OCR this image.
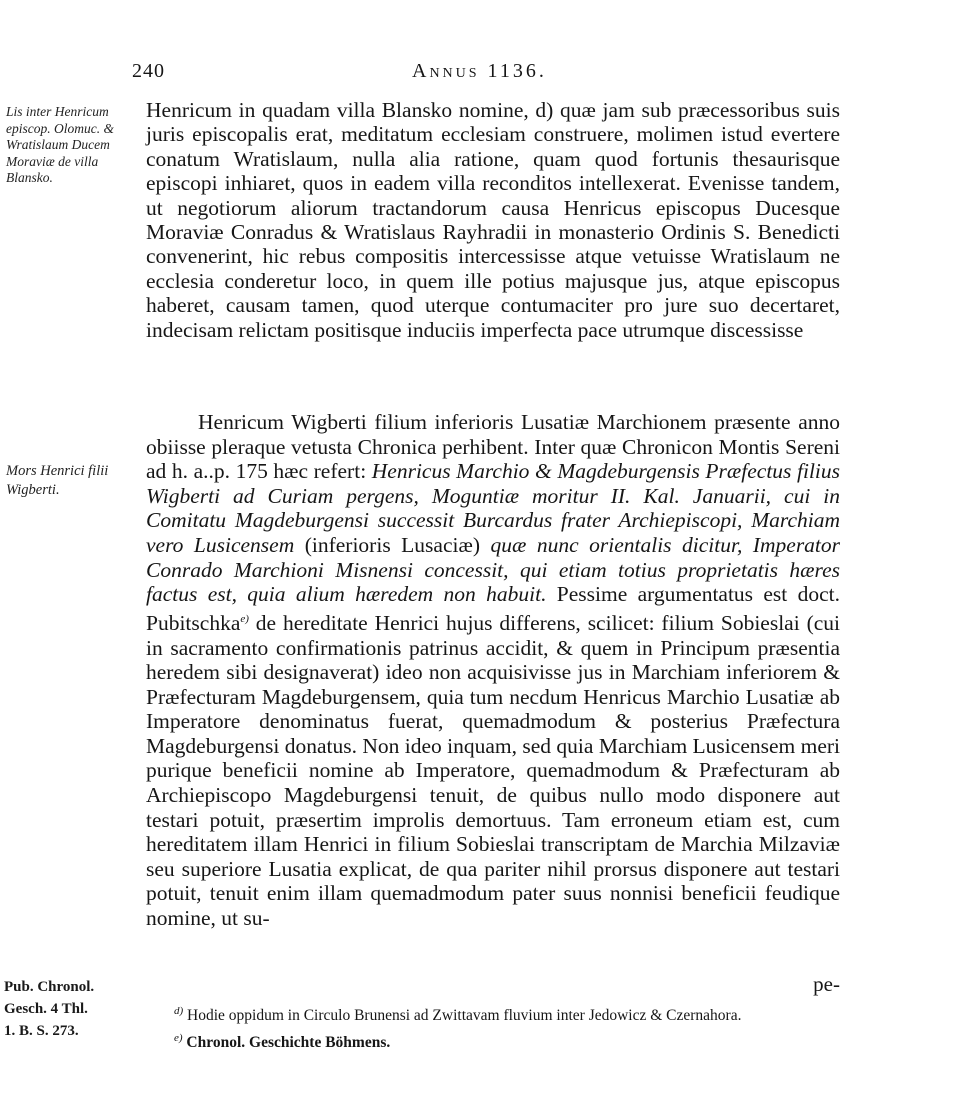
240	Annus 1136.
Lis inter Henricum episcop. Olomuc. & Wratislaum Ducem Moraviæ de villa Blansko.
Mors Henrici filii Wigberti.

Henricum in quadam villa Blansko nomine, d) quæ jam sub præcessoribus suis juris episcopalis erat, meditatum ecclesiam construere, molimen istud evertere conatum Wratislaum, nulla alia ratione, quam quod fortunis thesaurisque episcopi inhiaret, quos in eadem villa reconditos intellexerat. Evenisse tandem, ut negotiorum aliorum tractandorum causa Henricus episcopus Ducesque Moraviæ Conradus & Wratislaus Rayhradii in monasterio Ordinis S. Benedicti convenerint, hic rebus compositis intercessisse atque vetuisse Wratislaum ne ecclesia conderetur loco, in quem ille potius majusque jus, atque episcopus haberet, causam tamen, quod uterque contumaciter pro jure suo decertaret, indecisam relictam positisque induciis imperfecta pace utrumque discessisse

Henricum Wigberti filium inferioris Lusatiæ Marchionem præsente anno obiisse pleraque vetusta Chronica perhibent. Inter quæ Chronicon Montis Sereni ad h. a..p. 175 hæc refert: Henricus Marchio & Magdeburgensis Præfectus filius Wigberti ad Curiam pergens, Moguntiæ moritur II. Kal. Januarii, cui in Comitatu Magdeburgensi successit Burcardus frater Archiepiscopi, Marchiam vero Lusicensem (inferioris Lusaciæ) quæ nunc orientalis dicitur, Imperator Conrado Marchioni Misnensi concessit, qui etiam totius proprietatis hæres factus est, quia alium hæredem non habuit. Pessime argumentatus est doct. Pubitschka$^{e)}$ de hereditate Henrici hujus differens, scilicet: filium Sobieslai (cui in sacramento confirmationis patrinus accidit, & quem in Principum præsentia heredem sibi designaverat) ideo non acquisivisse jus in Marchiam inferiorem & Præfecturam Magdeburgensem, quia tum necdum Henricus Marchio Lusatiæ ab Imperatore denominatus fuerat, quemadmodum & posterius Præfectura Magdeburgensi donatus. Non ideo inquam, sed quia Marchiam Lusicensem meri purique beneficii nomine ab Imperatore, quemadmodum & Præfecturam ab Archiepiscopo Magdeburgensi tenuit, de quibus nullo modo disponere aut testari potuit, præsertim improlis demortuus. Tam erroneum etiam est, cum hereditatem illam Henrici in filium Sobieslai transcriptam de Marchia Milzaviæ seu superiore Lusatia explicat, de qua pariter nihil prorsus disponere aut testari potuit, tenuit enim illam quemadmodum pater suus nonnisi beneficii feudique nomine, ut su-

pe-
Pub. Chronol.
Gesch. 4 Thl.
1. B. S. 273.

$^{d)}$ Hodie oppidum in Circulo Brunensi ad Zwittavam fluvium inter Jedowicz & Czernahora.

$^{e)}$ Chronol. Geschichte Böhmens.
